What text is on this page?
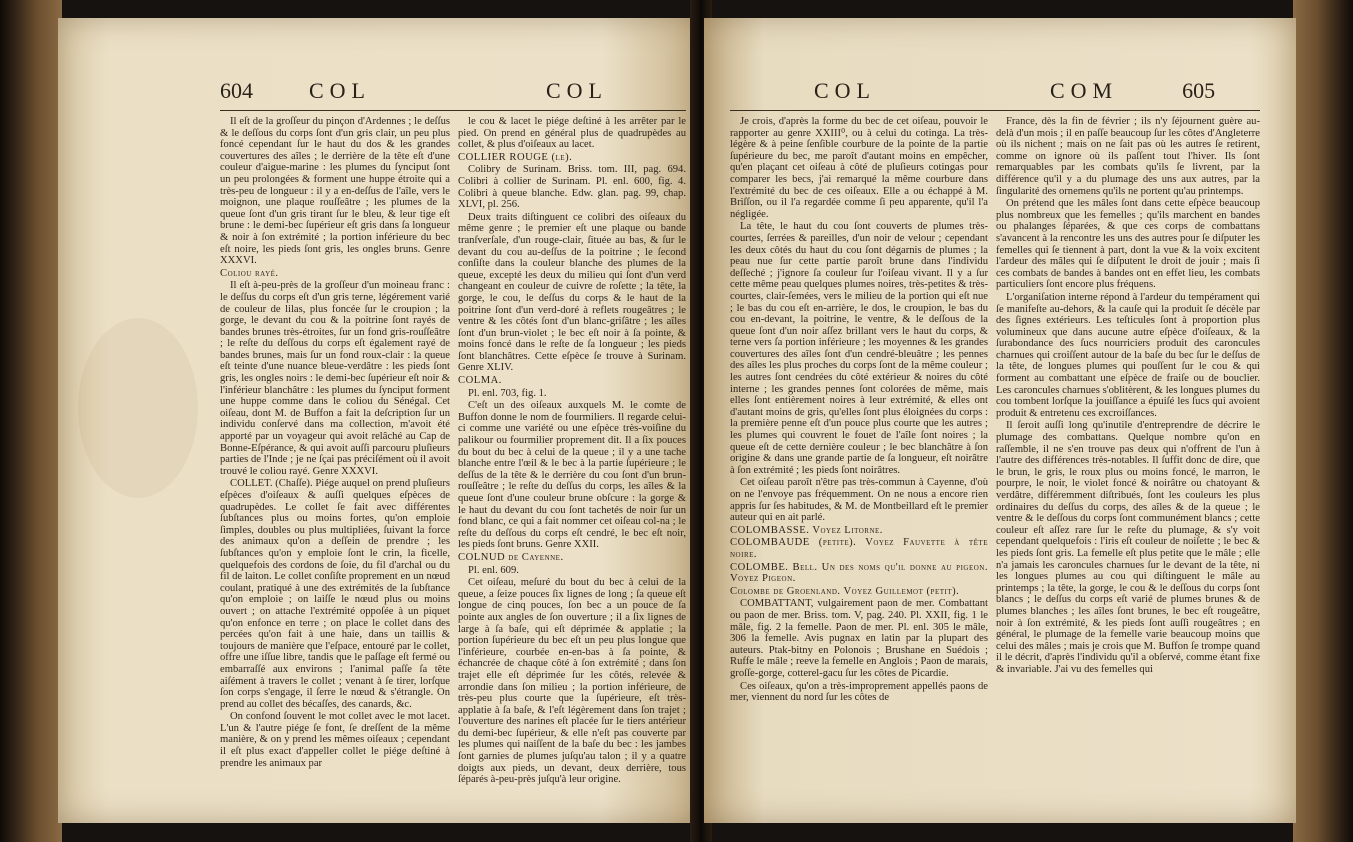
604	COL	COL

Il eſt de la groſſeur du pinçon d'Ardennes ; le deſſus & le deſſous du corps ſont d'un gris clair, un peu plus foncé cependant ſur le haut du dos & les grandes couvertures des aîles ; le derrière de la tête eſt d'une couleur d'aigue-marine : les plumes du ſynciput ſont un peu prolongées & forment une huppe étroite qui a très-peu de longueur : il y a en-deſſus de l'aîle, vers le moignon, une plaque rouſſeâtre ; les plumes de la queue ſont d'un gris tirant ſur le bleu, & leur tige eſt brune : le demi-bec ſupérieur eſt gris dans ſa longueur & noir à ſon extrémité ; la portion inférieure du bec eſt noire, les pieds ſont gris, les ongles bruns. Genre XXXVI.

Coliou rayé.

Il eſt à-peu-près de la groſſeur d'un moineau franc : le deſſus du corps eſt d'un gris terne, légérement varié de couleur de lilas, plus foncée ſur le croupion ; la gorge, le devant du cou & la poitrine ſont rayés de bandes brunes très-étroites, ſur un fond gris-rouſſeâtre ; le reſte du deſſous du corps eſt également rayé de bandes brunes, mais ſur un fond roux-clair : la queue eſt teinte d'une nuance bleue-verdâtre : les pieds ſont gris, les ongles noirs : le demi-bec ſupérieur eſt noir & l'inférieur blanchâtre : les plumes du ſynciput forment une huppe comme dans le coliou du Sénégal. Cet oiſeau, dont M. de Buffon a fait la deſcription ſur un individu conſervé dans ma collection, m'avoit été apporté par un voyageur qui avoit relâché au Cap de Bonne-Eſpérance, & qui avoit auſſi parcouru pluſieurs parties de l'Inde ; je ne ſçai pas préciſément où il avoit trouvé le coliou rayé. Genre XXXVI.

COLLET. (Chaſſe). Piége auquel on prend pluſieurs eſpèces d'oiſeaux & auſſi quelques eſpèces de quadrupèdes. Le collet ſe fait avec différentes ſubſtances plus ou moins fortes, qu'on emploie ſimples, doubles ou plus multipliées, ſuivant la force des animaux qu'on a deſſein de prendre ; les ſubſtances qu'on y emploie ſont le crin, la ficelle, quelquefois des cordons de ſoie, du fil d'archal ou du fil de laiton. Le collet conſiſte proprement en un nœud coulant, pratiqué à une des extrémités de la ſubſtance qu'on emploie ; on laiſſe le nœud plus ou moins ouvert ; on attache l'extrémité oppoſée à un piquet qu'on enfonce en terre ; on place le collet dans des percées qu'on fait à une haie, dans un taillis & toujours de manière que l'eſpace, entouré par le collet, offre une iſſue libre, tandis que le paſſage eſt fermé ou embarraſſé aux environs ; l'animal paſſe ſa tête aiſément à travers le collet ; venant à ſe tirer, lorſque ſon corps s'engage, il ſerre le nœud & s'étrangle. On prend au collet des bécaſſes, des canards, &c.

On confond ſouvent le mot collet avec le mot lacet. L'un & l'autre piége ſe font, ſe dreſſent de la même manière, & on y prend les mêmes oiſeaux ; cependant il eſt plus exact d'appeller collet le piége deſtiné à prendre les animaux par

le cou & lacet le piége deſtiné à les arrêter par le pied. On prend en général plus de quadrupèdes au collet, & plus d'oiſeaux au lacet.

COLLIER ROUGE (le).

Colibry de Surinam. Briss. tom. III, pag. 694. Colibri à collier de Surinam. Pl. enl. 600, fig. 4. Colibri à queue blanche. Edw. glan. pag. 99, chap. XLVI, pl. 256.

Deux traits diſtinguent ce colibri des oiſeaux du même genre ; le premier eſt une plaque ou bande tranſverſale, d'un rouge-clair, ſituée au bas, & ſur le devant du cou au-deſſus de la poitrine ; le ſecond conſiſte dans la couleur blanche des plumes de la queue, excepté les deux du milieu qui ſont d'un verd changeant en couleur de cuivre de roſette ; la tête, la gorge, le cou, le deſſus du corps & le haut de la poitrine ſont d'un verd-doré à reflets rougeâtres ; le ventre & les côtés ſont d'un blanc-griſâtre ; les aîles ſont d'un brun-violet ; le bec eſt noir à ſa pointe, & moins foncé dans le reſte de ſa longueur ; les pieds ſont blanchâtres. Cette eſpèce ſe trouve à Surinam. Genre XLIV.

COLMA.

Pl. enl. 703, fig. 1.

C'eſt un des oiſeaux auxquels M. le comte de Buffon donne le nom de fourmiliers. Il regarde celui-ci comme une variété ou une eſpèce très-voiſine du palikour ou fourmilier proprement dit. Il a ſix pouces du bout du bec à celui de la queue ; il y a une tache blanche entre l'œil & le bec à la partie ſupérieure ; le deſſus de la tête & le derrière du cou ſont d'un brun-rouſſeâtre ; le reſte du deſſus du corps, les aîles & la queue ſont d'une couleur brune obſcure : la gorge & le haut du devant du cou ſont tachetés de noir ſur un fond blanc, ce qui a fait nommer cet oiſeau col-na ; le reſte du deſſous du corps eſt cendré, le bec eſt noir, les pieds ſont bruns. Genre XXII.

COLNUD de Cayenne.

Pl. enl. 609.

Cet oiſeau, meſuré du bout du bec à celui de la queue, a ſeize pouces ſix lignes de long ; ſa queue eſt longue de cinq pouces, ſon bec a un pouce de ſa pointe aux angles de ſon ouverture ; il a ſix lignes de large à ſa baſe, qui eſt déprimée & applatie ; la portion ſupérieure du bec eſt un peu plus longue que l'inférieure, courbée en-en-bas à ſa pointe, & échancrée de chaque côté à ſon extrémité ; dans ſon trajet elle eſt déprimée ſur les côtés, relevée & arrondie dans ſon milieu ; la portion inférieure, de très-peu plus courte que la ſupérieure, eſt très-applatie à ſa baſe, & l'eſt légèrement dans ſon trajet ; l'ouverture des narines eſt placée ſur le tiers antérieur du demi-bec ſupérieur, & elle n'eſt pas couverte par les plumes qui naiſſent de la baſe du bec : les jambes ſont garnies de plumes juſqu'au talon ; il y a quatre doigts aux pieds, un devant, deux derrière, tous ſéparés à-peu-près juſqu'à leur origine.

COL	COM	605

Je crois, d'après la forme du bec de cet oiſeau, pouvoir le rapporter au genre XXIII⁰, ou à celui du cotinga. La très-légère & à peine ſenſible courbure de la pointe de la partie ſupérieure du bec, me paroît d'autant moins en empêcher, qu'en plaçant cet oiſeau à côté de pluſieurs cotingas pour comparer les becs, j'ai remarqué la même courbure dans l'extrémité du bec de ces oiſeaux. Elle a ou échappé à M. Briſſon, ou il l'a regardée comme ſi peu apparente, qu'il l'a négligée.

La tête, le haut du cou ſont couverts de plumes très-courtes, ſerrées & pareilles, d'un noir de velour ; cependant les deux côtés du haut du cou ſont dégarnis de plumes ; la peau nue ſur cette partie paroît brune dans l'individu deſſeché ; j'ignore ſa couleur ſur l'oiſeau vivant. Il y a ſur cette même peau quelques plumes noires, très-petites & très-courtes, clair-ſemées, vers le milieu de la portion qui eſt nue ; le bas du cou eſt en-arrière, le dos, le croupion, le bas du cou en-devant, la poitrine, le ventre, & le deſſous de la queue ſont d'un noir aſſez brillant vers le haut du corps, & terne vers ſa portion inférieure ; les moyennes & les grandes couvertures des aîles ſont d'un cendré-bleuâtre ; les pennes des aîles les plus proches du corps ſont de la même couleur ; les autres ſont cendrées du côté extérieur & noires du côté interne ; les grandes pennes ſont colorées de même, mais elles ſont entièrement noires à leur extrémité, & elles ont d'autant moins de gris, qu'elles ſont plus éloignées du corps : la première penne eſt d'un pouce plus courte que les autres ; les plumes qui couvrent le fouet de l'aîle ſont noires ; la queue eſt de cette dernière couleur ; le bec blanchâtre à ſon origine & dans une grande partie de ſa longueur, eſt noirâtre à ſon extrémité ; les pieds ſont noirâtres.

Cet oiſeau paroît n'être pas très-commun à Cayenne, d'où on ne l'envoye pas fréquemment. On ne nous a encore rien appris ſur ſes habitudes, & M. de Montbeillard eſt le premier auteur qui en ait parlé.

COLOMBASSE. Voyez Litorne.

COLOMBAUDE (petite). Voyez Fauvette à tête noire.

COLOMBE. Bell. Un des noms qu'il donne au pigeon. Voyez Pigeon.

Colombe de Groenland. Voyez Guillemot (petit).

COMBATTANT, vulgairement paon de mer. Combattant ou paon de mer. Briss. tom. V, pag. 240. Pl. XXII, fig. 1 le mâle, fig. 2 la femelle. Paon de mer. Pl. enl. 305 le mâle, 306 la femelle. Avis pugnax en latin par la plupart des auteurs. Ptak-bitny en Polonois ; Brushane en Suédois ; Ruffe le mâle ; reeve la femelle en Anglois ; Paon de marais, groſſe-gorge, cotterel-gacu ſur les côtes de Picardie.

Ces oiſeaux, qu'on a très-improprement appellés paons de mer, viennent du nord ſur les côtes de

France, dès la fin de février ; ils n'y ſéjournent guère au-delà d'un mois ; il en paſſe beaucoup ſur les côtes d'Angleterre où ils nichent ; mais on ne ſait pas où les autres ſe retirent, comme on ignore où ils paſſent tout l'hiver. Ils ſont remarquables par les combats qu'ils ſe livrent, par la différence qu'il y a du plumage des uns aux autres, par la ſingularité des ornemens qu'ils ne portent qu'au printemps.

On prétend que les mâles ſont dans cette eſpèce beaucoup plus nombreux que les femelles ; qu'ils marchent en bandes ou phalanges ſéparées, & que ces corps de combattans s'avancent à la rencontre les uns des autres pour ſe diſputer les femelles qui ſe tiennent à part, dont la vue & la voix excitent l'ardeur des mâles qui ſe diſputent le droit de jouir ; mais ſi ces combats de bandes à bandes ont en effet lieu, les combats particuliers ſont encore plus fréquens.

L'organiſation interne répond à l'ardeur du tempérament qui ſe manifeſte au-dehors, & la cauſe qui la produit ſe décèle par des ſignes extérieurs. Les teſticules ſont à proportion plus volumineux que dans aucune autre eſpèce d'oiſeaux, & la ſurabondance des ſucs nourriciers produit des caroncules charnues qui croiſſent autour de la baſe du bec ſur le deſſus de la tête, de longues plumes qui pouſſent ſur le cou & qui forment au combattant une eſpèce de fraiſe ou de bouclier. Les caroncules charnues s'oblitèrent, & les longues plumes du cou tombent lorſque la jouiſſance a épuiſé les ſucs qui avoient produit & entretenu ces excroiſſances.

Il ſeroit auſſi long qu'inutile d'entreprendre de décrire le plumage des combattans. Quelque nombre qu'on en raſſemble, il ne s'en trouve pas deux qui n'offrent de l'un à l'autre des différences très-notables. Il ſuffit donc de dire, que le brun, le gris, le roux plus ou moins foncé, le marron, le pourpre, le noir, le violet foncé & noirâtre ou chatoyant & verdâtre, différemment diſtribués, ſont les couleurs les plus ordinaires du deſſus du corps, des aîles & de la queue ; le ventre & le deſſous du corps ſont communément blancs ; cette couleur eſt aſſez rare ſur le reſte du plumage, & s'y voit cependant quelquefois : l'iris eſt couleur de noiſette ; le bec & les pieds ſont gris. La femelle eſt plus petite que le mâle ; elle n'a jamais les caroncules charnues ſur le devant de la tête, ni les longues plumes au cou qui diſtinguent le mâle au printemps ; la tête, la gorge, le cou & le deſſous du corps ſont blancs ; le deſſus du corps eſt varié de plumes brunes & de plumes blanches ; les aîles ſont brunes, le bec eſt rougeâtre, noir à ſon extrémité, & les pieds ſont auſſi rougeâtres ; en général, le plumage de la femelle varie beaucoup moins que celui des mâles ; mais je crois que M. Buffon ſe trompe quand il le décrit, d'après l'individu qu'il a obſervé, comme étant fixe & invariable. J'ai vu des femelles qui
